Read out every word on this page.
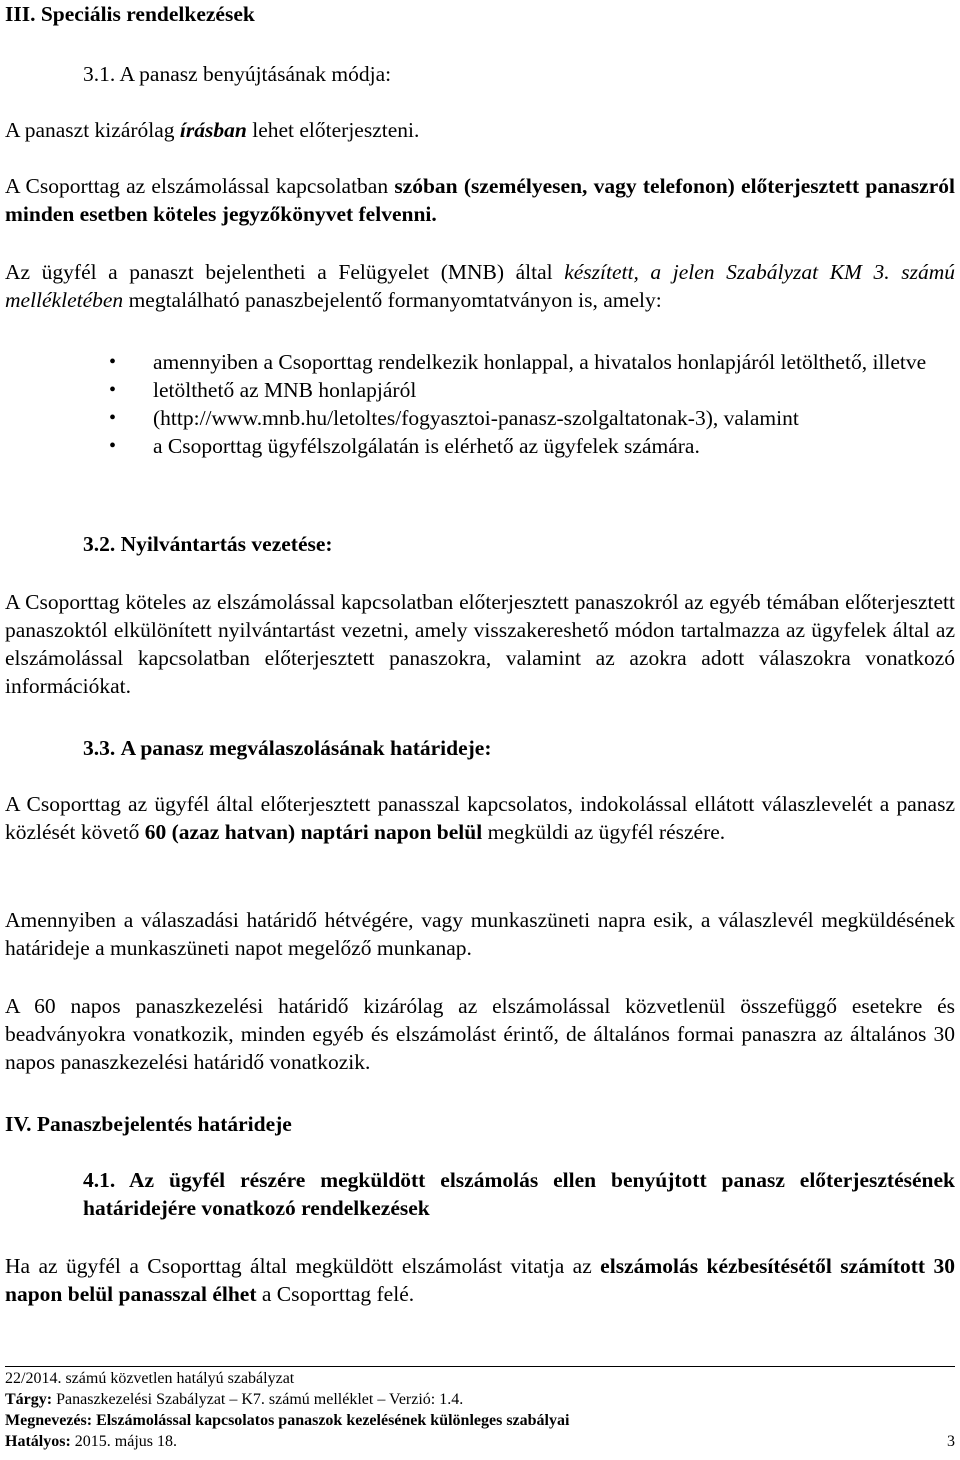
III. Speciális rendelkezések
3.1. A panasz benyújtásának módja:
A panaszt kizárólag írásban lehet előterjeszteni.
A Csoporttag az elszámolással kapcsolatban szóban (személyesen, vagy telefonon) előterjesztett panaszról minden esetben köteles jegyzőkönyvet felvenni.
Az ügyfél a panaszt bejelentheti a Felügyelet (MNB) által készített, a jelen Szabályzat KM 3. számú mellékletében megtalálható panaszbejelentő formanyomtatványon is, amely:
• amennyiben a Csoporttag rendelkezik honlappal, a hivatalos honlapjáról letölthető, illetve
• letölthető az MNB honlapjáról
• (http://www.mnb.hu/letoltes/fogyasztoi-panasz-szolgaltatonak-3), valamint
• a Csoporttag ügyfélszolgálatán is elérhető az ügyfelek számára.
3.2. Nyilvántartás vezetése:
A Csoporttag köteles az elszámolással kapcsolatban előterjesztett panaszokról az egyéb témában előterjesztett panaszoktól elkülönített nyilvántartást vezetni, amely visszakereshető módon tartalmazza az ügyfelek által az elszámolással kapcsolatban előterjesztett panaszokra, valamint az azokra adott válaszokra vonatkozó információkat.
3.3. A panasz megválaszolásának határideje:
A Csoporttag az ügyfél által előterjesztett panasszal kapcsolatos, indokolással ellátott válaszlevelét a panasz közlését követő 60 (azaz hatvan) naptári napon belül megküldi az ügyfél részére.
Amennyiben a válaszadási határidő hétvégére, vagy munkaszüneti napra esik, a válaszlevél megküldésének határideje a munkaszüneti napot megelőző munkanap.
A 60 napos panaszkezelési határidő kizárólag az elszámolással közvetlenül összefüggő esetekre és beadványokra vonatkozik, minden egyéb és elszámolást érintő, de általános formai panaszra az általános 30 napos panaszkezelési határidő vonatkozik.
IV. Panaszbejelentés határideje
4.1. Az ügyfél részére megküldött elszámolás ellen benyújtott panasz előterjesztésének határidejére vonatkozó rendelkezések
Ha az ügyfél a Csoporttag által megküldött elszámolást vitatja az elszámolás kézbesítésétől számított 30 napon belül panasszal élhet a Csoporttag felé.
22/2014. számú közvetlen hatályú szabályzat
Tárgy: Panaszkezelési Szabályzat – K7. számú melléklet – Verzió: 1.4.
Megnevezés: Elszámolással kapcsolatos panaszok kezelésének különleges szabályai
Hatályos: 2015. május 18.	3
